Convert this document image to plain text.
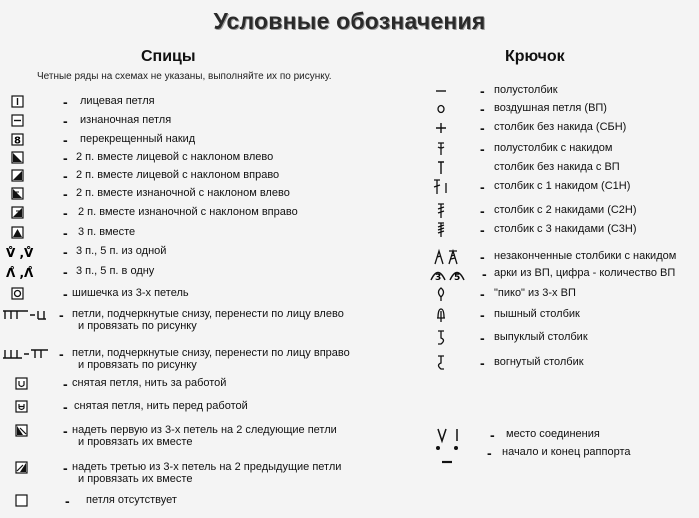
Условные обозначения
Спицы
Четные ряды на схемах не указаны, выполняйте их по рисунку.
Крючок
- лицевая петля
- изнаночная петля
8	- перекрещенный накид
- 2 п. вместе лицевой с наклоном влево
- 2 п. вместе лицевой с наклоном вправо
- 2 п. вместе изнаночной с наклоном влево
- 2 п. вместе изнаночной с наклоном вправо
- 3 п. вместе
V̊ ,V̊ - 3 п., 5 п. из одной
Λ̊ ,Λ̊ - 3 п., 5 п. в одну
- шишечка из 3-х петель
- петли, подчеркнутые снизу, перенести по лицу влево
и провязать по рисунку
- петли, подчеркнутые снизу, перенести по лицу вправо
и провязать по рисунку
- снятая петля, нить за работой
- снятая петля, нить перед работой
- надеть первую из 3-х петель на 2 следующие петли
и провязать их вместе
- надеть третью из 3-х петель на 2 предыдущие петли
и провязать их вместе
- петля отсутствует
- полустолбик
- воздушная петля (ВП)
- столбик без накида (СБН)
- полустолбик с накидом
столбик без накида с ВП
- столбик с 1 накидом (С1Н)
- столбик с 2 накидами (С2Н)
- столбик с 3 накидами (С3Н)
- незаконченные столбики с накидом
3 5 - арки из ВП, цифра - количество ВП
- "пико" из 3-х ВП
- пышный столбик
- выпуклый столбик
- вогнутый столбик
- место соединения
- начало и конец раппорта
